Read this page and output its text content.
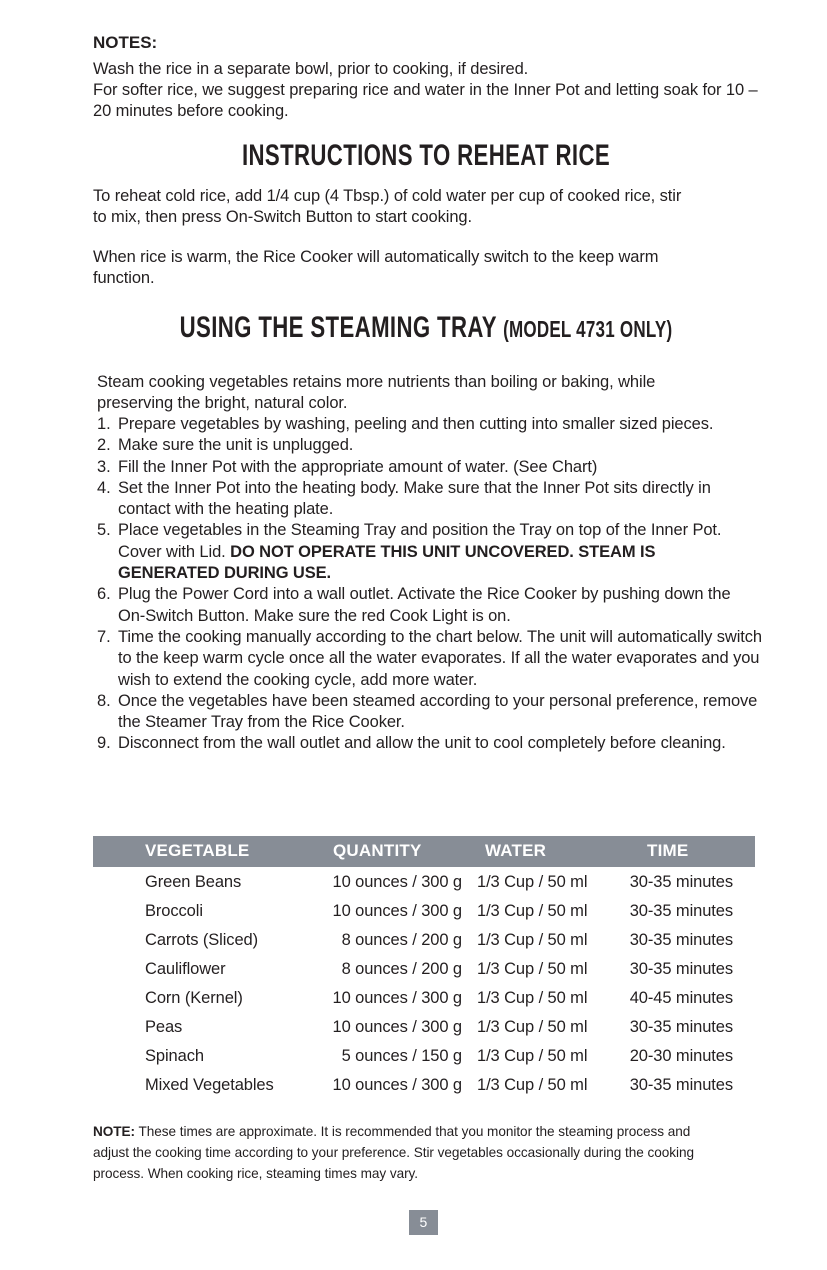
NOTES:
Wash the rice in a separate bowl, prior to cooking, if desired.
For softer rice, we suggest preparing rice and water in the Inner Pot and letting soak for 10 – 20 minutes before cooking.
INSTRUCTIONS TO REHEAT RICE
To reheat cold rice, add 1/4 cup (4 Tbsp.) of cold water per cup of cooked rice, stir to mix, then press On-Switch Button to start cooking.
When rice is warm, the Rice Cooker will automatically switch to the keep warm function.
USING THE STEAMING TRAY (MODEL 4731 ONLY)
Steam cooking vegetables retains more nutrients than boiling or baking, while preserving the bright, natural color.
1. Prepare vegetables by washing, peeling and then cutting into smaller sized pieces.
2. Make sure the unit is unplugged.
3. Fill the Inner Pot with the appropriate amount of water. (See Chart)
4. Set the Inner Pot into the heating body. Make sure that the Inner Pot sits directly in contact with the heating plate.
5. Place vegetables in the Steaming Tray and position the Tray on top of the Inner Pot. Cover with Lid. DO NOT OPERATE THIS UNIT UNCOVERED. STEAM IS GENERATED DURING USE.
6. Plug the Power Cord into a wall outlet. Activate the Rice Cooker by pushing down the On-Switch Button. Make sure the red Cook Light is on.
7. Time the cooking manually according to the chart below. The unit will automatically switch to the keep warm cycle once all the water evaporates. If all the water evaporates and you wish to extend the cooking cycle, add more water.
8. Once the vegetables have been steamed according to your personal preference, remove the Steamer Tray from the Rice Cooker.
9. Disconnect from the wall outlet and allow the unit to cool completely before cleaning.
VEGETABLE	QUANTITY	WATER	TIME
Green Beans	10 ounces / 300 g	1/3 Cup / 50 ml	30-35 minutes
Broccoli	10 ounces / 300 g	1/3 Cup / 50 ml	30-35 minutes
Carrots (Sliced)	8 ounces / 200 g	1/3 Cup / 50 ml	30-35 minutes
Cauliflower	8 ounces / 200 g	1/3 Cup / 50 ml	30-35 minutes
Corn (Kernel)	10 ounces / 300 g	1/3 Cup / 50 ml	40-45 minutes
Peas	10 ounces / 300 g	1/3 Cup / 50 ml	30-35 minutes
Spinach	5 ounces / 150 g	1/3 Cup / 50 ml	20-30 minutes
Mixed Vegetables	10 ounces / 300 g	1/3 Cup / 50 ml	30-35 minutes
NOTE: These times are approximate. It is recommended that you monitor the steaming process and adjust the cooking time according to your preference. Stir vegetables occasionally during the cooking process. When cooking rice, steaming times may vary.
5
